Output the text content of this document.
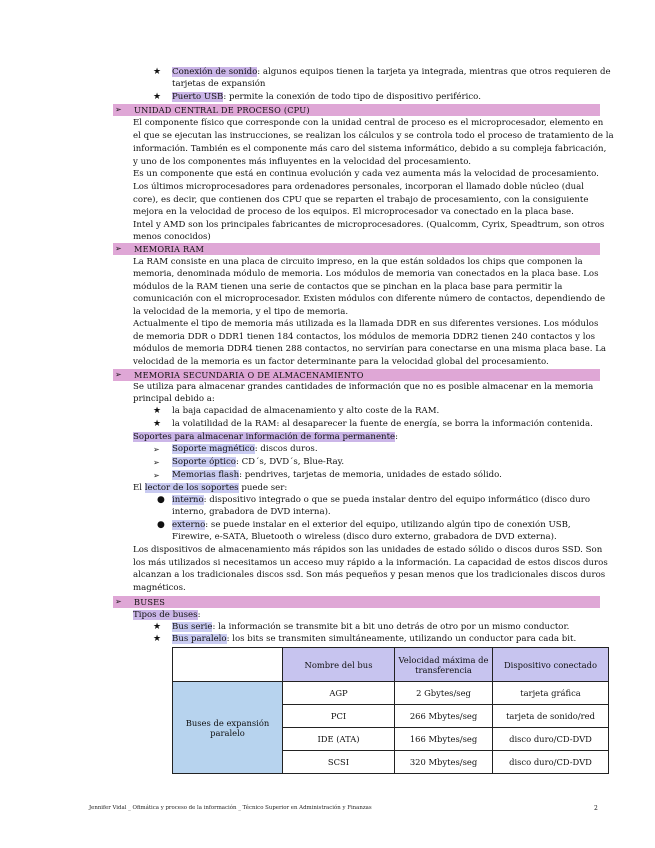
★ Conexión de sonido: algunos equipos tienen la tarjeta ya integrada, mientras que otros requieren de
tarjetas de expansión
★ Puerto USB: permite la conexión de todo tipo de dispositivo periférico.
➢ UNIDAD CENTRAL DE PROCESO (CPU)
El componente físico que corresponde con la unidad central de proceso es el microprocesador, elemento en
el que se ejecutan las instrucciones, se realizan los cálculos y se controla todo el proceso de tratamiento de la
información. También es el componente más caro del sistema informático, debido a su compleja fabricación,
y uno de los componentes más influyentes en la velocidad del procesamiento.
Es un componente que está en continua evolución y cada vez aumenta más la velocidad de procesamiento.
Los últimos microprocesadores para ordenadores personales, incorporan el llamado doble núcleo (dual
core), es decir, que contienen dos CPU que se reparten el trabajo de procesamiento, con la consiguiente
mejora en la velocidad de proceso de los equipos. El microprocesador va conectado en la placa base.
Intel y AMD son los principales fabricantes de microprocesadores. (Qualcomm, Cyrix, Speadtrum, son otros
menos conocidos)
➢ MEMORIA RAM
La RAM consiste en una placa de circuito impreso, en la que están soldados los chips que componen la
memoria, denominada módulo de memoria. Los módulos de memoria van conectados en la placa base. Los
módulos de la RAM tienen una serie de contactos que se pinchan en la placa base para permitir la
comunicación con el microprocesador. Existen módulos con diferente número de contactos, dependiendo de
la velocidad de la memoria, y el tipo de memoria.
Actualmente el tipo de memoria más utilizada es la llamada DDR en sus diferentes versiones. Los módulos
de memoria DDR o DDR1 tienen 184 contactos, los módulos de memoria DDR2 tienen 240 contactos y los
módulos de memoria DDR4 tienen 288 contactos, no servirían para conectarse en una misma placa base. La
velocidad de la memoria es un factor determinante para la velocidad global del procesamiento.
➢ MEMORIA SECUNDARIA O DE ALMACENAMIENTO
Se utiliza para almacenar grandes cantidades de información que no es posible almacenar en la memoria
principal debido a:
★ la baja capacidad de almacenamiento y alto coste de la RAM.
★ la volatilidad de la RAM: al desaparecer la fuente de energía, se borra la información contenida.
Soportes para almacenar información de forma permanente:
➢ Soporte magnético: discos duros.
➢ Soporte óptico: CD´s, DVD´s, Blue-Ray.
➢ Memorias flash: pendrives, tarjetas de memoria, unidades de estado sólido.
El lector de los soportes puede ser:
● interno: dispositivo integrado o que se pueda instalar dentro del equipo informático (disco duro
interno, grabadora de DVD interna).
● externo: se puede instalar en el exterior del equipo, utilizando algún tipo de conexión USB,
Firewire, e-SATA, Bluetooth o wireless (disco duro externo, grabadora de DVD externa).
Los dispositivos de almacenamiento más rápidos son las unidades de estado sólido o discos duros SSD. Son
los más utilizados si necesitamos un acceso muy rápido a la información. La capacidad de estos discos duros
alcanzan a los tradicionales discos ssd. Son más pequeños y pesan menos que los tradicionales discos duros
magnéticos.
➢ BUSES
Tipos de buses:
★ Bus serie: la información se transmite bit a bit uno detrás de otro por un mismo conductor.
★ Bus paralelo: los bits se transmiten simultáneamente, utilizando un conductor para cada bit.
	Nombre del bus	Velocidad máxima de transferencia	Dispositivo conectado
Buses de expansión paralelo	AGP	2 Gbytes/seg	tarjeta gráfica
	PCI	266 Mbytes/seg	tarjeta de sonido/red
	IDE (ATA)	166 Mbytes/seg	disco duro/CD-DVD
	SCSI	320 Mbytes/seg	disco duro/CD-DVD
Jennifer Vidal _ Ofimática y proceso de la información _ Técnico Superior en Administración y Finanzas	2
